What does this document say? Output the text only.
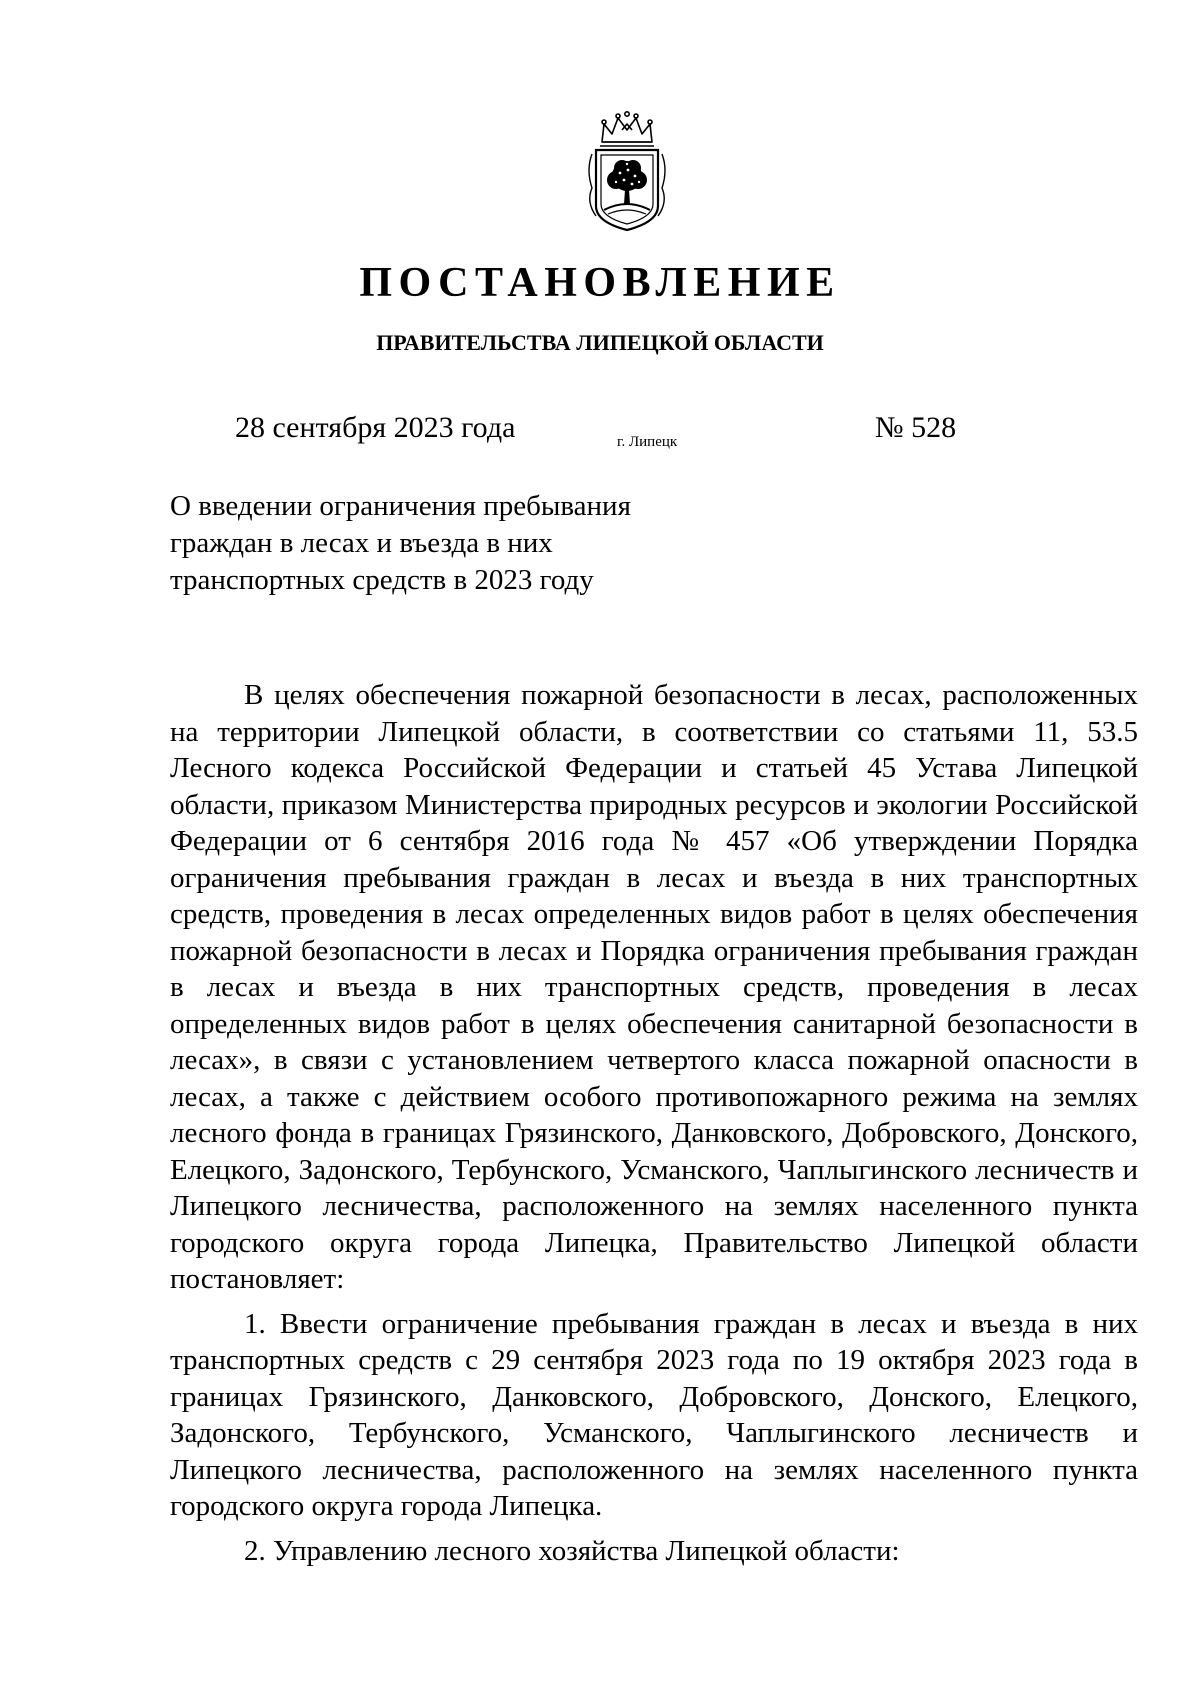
ПОСТАНОВЛЕНИЕ
ПРАВИТЕЛЬСТВА ЛИПЕЦКОЙ ОБЛАСТИ
28 сентября 2023 года	г. Липецк	№ 528
О введении ограничения пребывания
граждан в лесах и въезда в них
транспортных средств в 2023 году

В целях обеспечения пожарной безопасности в лесах, расположенных на территории Липецкой области, в соответствии со статьями 11, 53.5 Лесного кодекса Российской Федерации и статьей 45 Устава Липецкой области, приказом Министерства природных ресурсов и экологии Российской Федерации от 6 сентября 2016 года № 457 «Об утверждении Порядка ограничения пребывания граждан в лесах и въезда в них транспортных средств, проведения в лесах определенных видов работ в целях обеспечения пожарной безопасности в лесах и Порядка ограничения пребывания граждан в лесах и въезда в них транспортных средств, проведения в лесах определенных видов работ в целях обеспечения санитарной безопасности в лесах», в связи с установлением четвертого класса пожарной опасности в лесах, а также с действием особого противопожарного режима на землях лесного фонда в границах Грязинского, Данковского, Добровского, Донского, Елецкого, Задонского, Тербунского, Усманского, Чаплыгинского лесничеств и Липецкого лесничества, расположенного на землях населенного пункта городского округа города Липецка, Правительство Липецкой области постановляет:

1. Ввести ограничение пребывания граждан в лесах и въезда в них транспортных средств с 29 сентября 2023 года по 19 октября 2023 года в границах Грязинского, Данковского, Добровского, Донского, Елецкого, Задонского, Тербунского, Усманского, Чаплыгинского лесничеств и Липецкого лесничества, расположенного на землях населенного пункта городского округа города Липецка.

2. Управлению лесного хозяйства Липецкой области:
